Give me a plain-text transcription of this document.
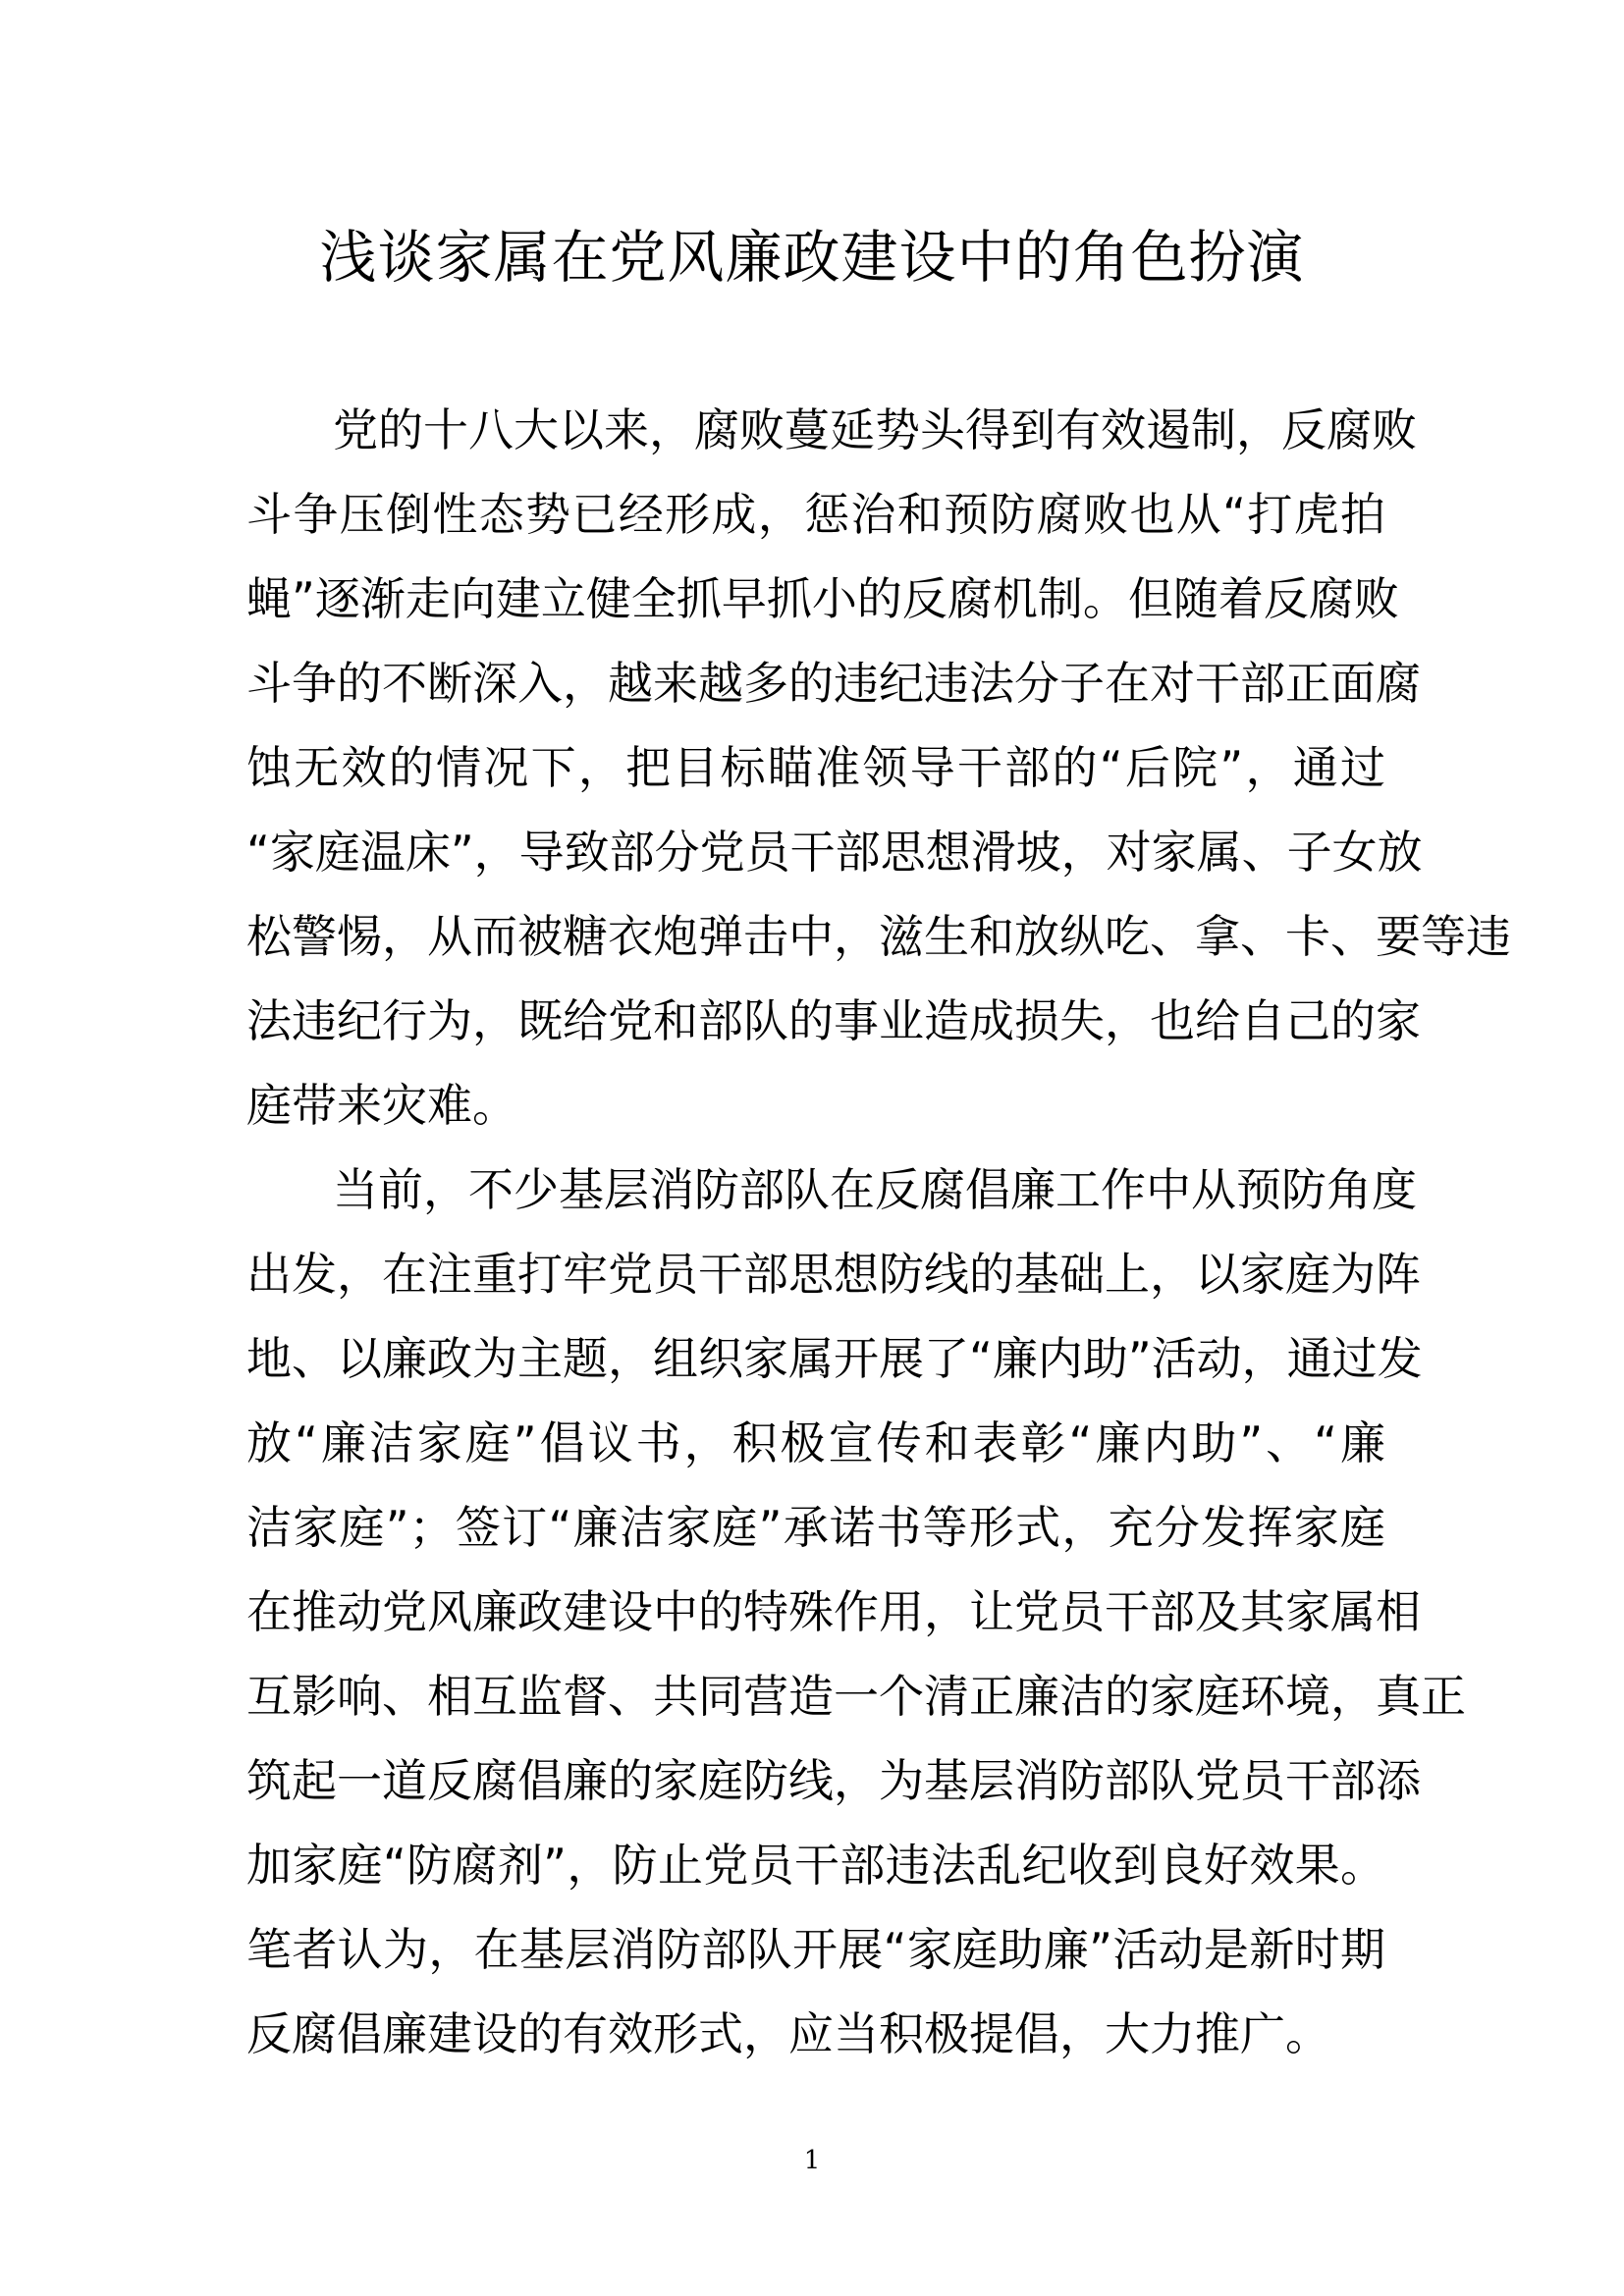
浅谈家属在党风廉政建设中的角色扮演
党的十八大以来，腐败蔓延势头得到有效遏制，反腐败
斗争压倒性态势已经形成，惩治和预防腐败也从“打虎拍
蝇”逐渐走向建立健全抓早抓小的反腐机制。但随着反腐败
斗争的不断深入，越来越多的违纪违法分子在对干部正面腐
蚀无效的情况下，把目标瞄准领导干部的“后院”，通过
“家庭温床”，导致部分党员干部思想滑坡，对家属、子女放
松警惕，从而被糖衣炮弹击中，滋生和放纵吃、拿、卡、要等违
法违纪行为，既给党和部队的事业造成损失，也给自己的家
庭带来灾难。
当前，不少基层消防部队在反腐倡廉工作中从预防角度
出发，在注重打牢党员干部思想防线的基础上，以家庭为阵
地、以廉政为主题，组织家属开展了“廉内助”活动，通过发
放“廉洁家庭”倡议书，积极宣传和表彰“廉内助”、“廉
洁家庭”；签订“廉洁家庭”承诺书等形式，充分发挥家庭
在推动党风廉政建设中的特殊作用，让党员干部及其家属相
互影响、相互监督、共同营造一个清正廉洁的家庭环境，真正
筑起一道反腐倡廉的家庭防线，为基层消防部队党员干部添
加家庭“防腐剂”，防止党员干部违法乱纪收到良好效果。
笔者认为，在基层消防部队开展“家庭助廉”活动是新时期
反腐倡廉建设的有效形式，应当积极提倡，大力推广。
1
